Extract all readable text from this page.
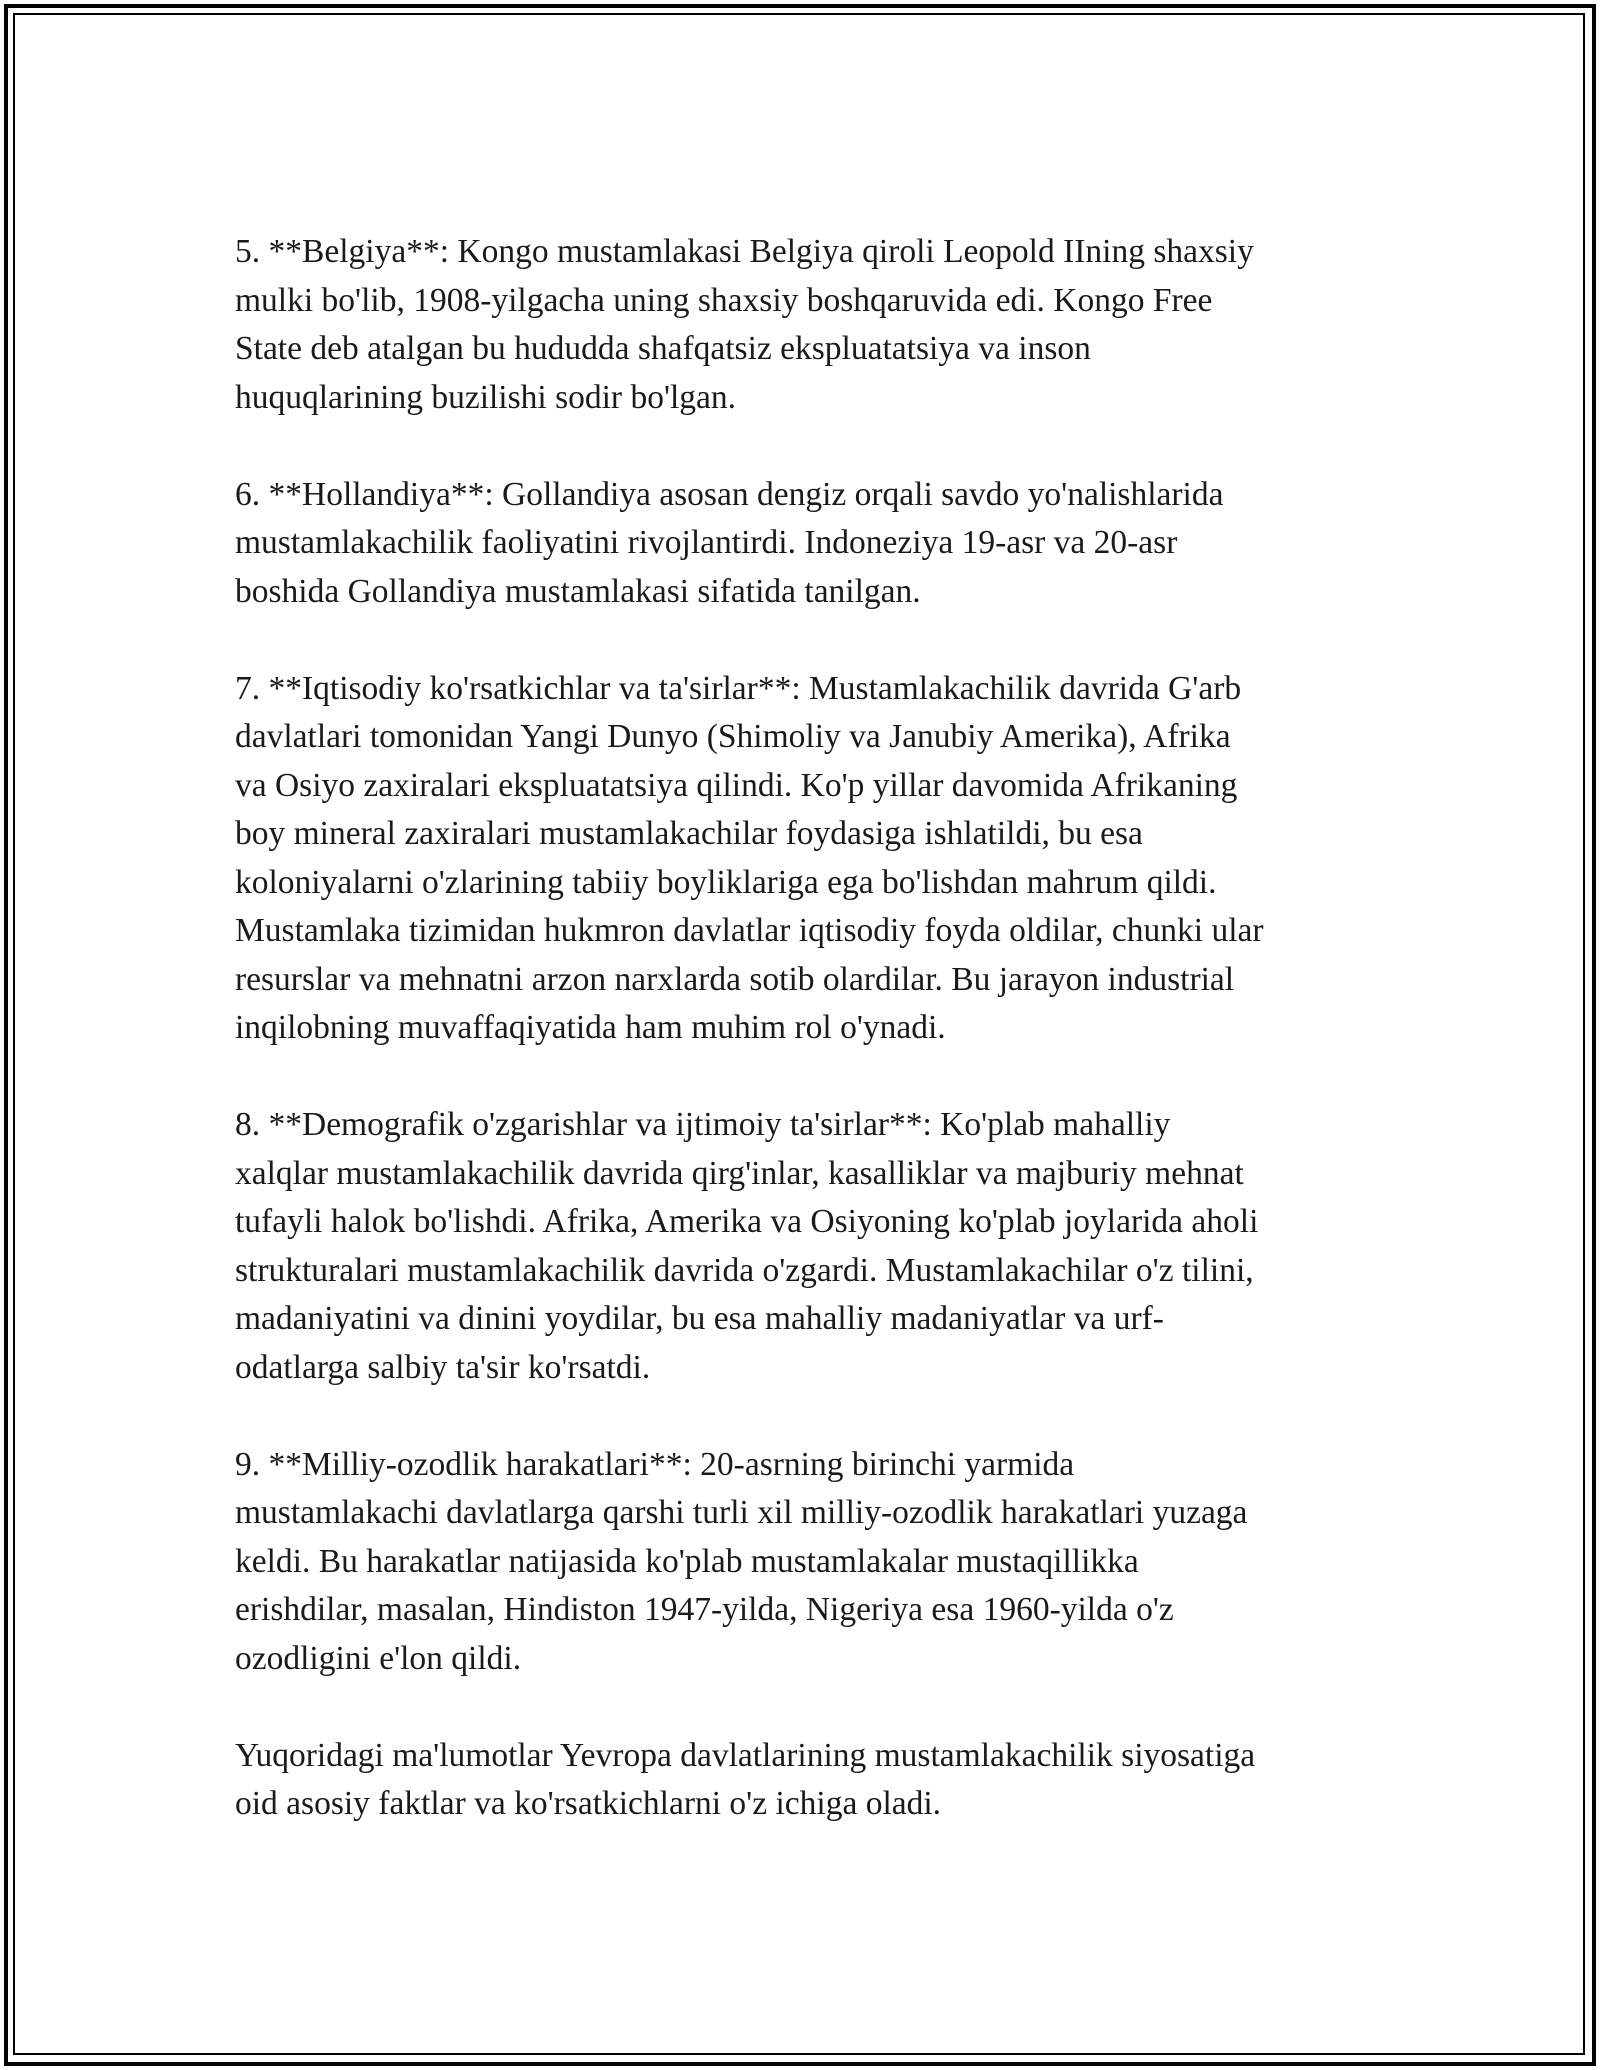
5. **Belgiya**: Kongo mustamlakasi Belgiya qiroli Leopold IIning shaxsiy
mulki bo'lib, 1908-yilgacha uning shaxsiy boshqaruvida edi. Kongo Free
State deb atalgan bu hududda shafqatsiz ekspluatatsiya va inson
huquqlarining buzilishi sodir bo'lgan.

6. **Hollandiya**: Gollandiya asosan dengiz orqali savdo yo'nalishlarida
mustamlakachilik faoliyatini rivojlantirdi. Indoneziya 19-asr va 20-asr
boshida Gollandiya mustamlakasi sifatida tanilgan.

7. **Iqtisodiy ko'rsatkichlar va ta'sirlar**: Mustamlakachilik davrida G'arb
davlatlari tomonidan Yangi Dunyo (Shimoliy va Janubiy Amerika), Afrika
va Osiyo zaxiralari ekspluatatsiya qilindi. Ko'p yillar davomida Afrikaning
boy mineral zaxiralari mustamlakachilar foydasiga ishlatildi, bu esa
koloniyalarni o'zlarining tabiiy boyliklariga ega bo'lishdan mahrum qildi.
Mustamlaka tizimidan hukmron davlatlar iqtisodiy foyda oldilar, chunki ular
resurslar va mehnatni arzon narxlarda sotib olardilar. Bu jarayon industrial
inqilobning muvaffaqiyatida ham muhim rol o'ynadi.

8. **Demografik o'zgarishlar va ijtimoiy ta'sirlar**: Ko'plab mahalliy
xalqlar mustamlakachilik davrida qirg'inlar, kasalliklar va majburiy mehnat
tufayli halok bo'lishdi. Afrika, Amerika va Osiyoning ko'plab joylarida aholi
strukturalari mustamlakachilik davrida o'zgardi. Mustamlakachilar o'z tilini,
madaniyatini va dinini yoydilar, bu esa mahalliy madaniyatlar va urf-
odatlarga salbiy ta'sir ko'rsatdi.

9. **Milliy-ozodlik harakatlari**: 20-asrning birinchi yarmida
mustamlakachi davlatlarga qarshi turli xil milliy-ozodlik harakatlari yuzaga
keldi. Bu harakatlar natijasida ko'plab mustamlakalar mustaqillikka
erishdilar, masalan, Hindiston 1947-yilda, Nigeriya esa 1960-yilda o'z
ozodligini e'lon qildi.

Yuqoridagi ma'lumotlar Yevropa davlatlarining mustamlakachilik siyosatiga
oid asosiy faktlar va ko'rsatkichlarni o'z ichiga oladi.
